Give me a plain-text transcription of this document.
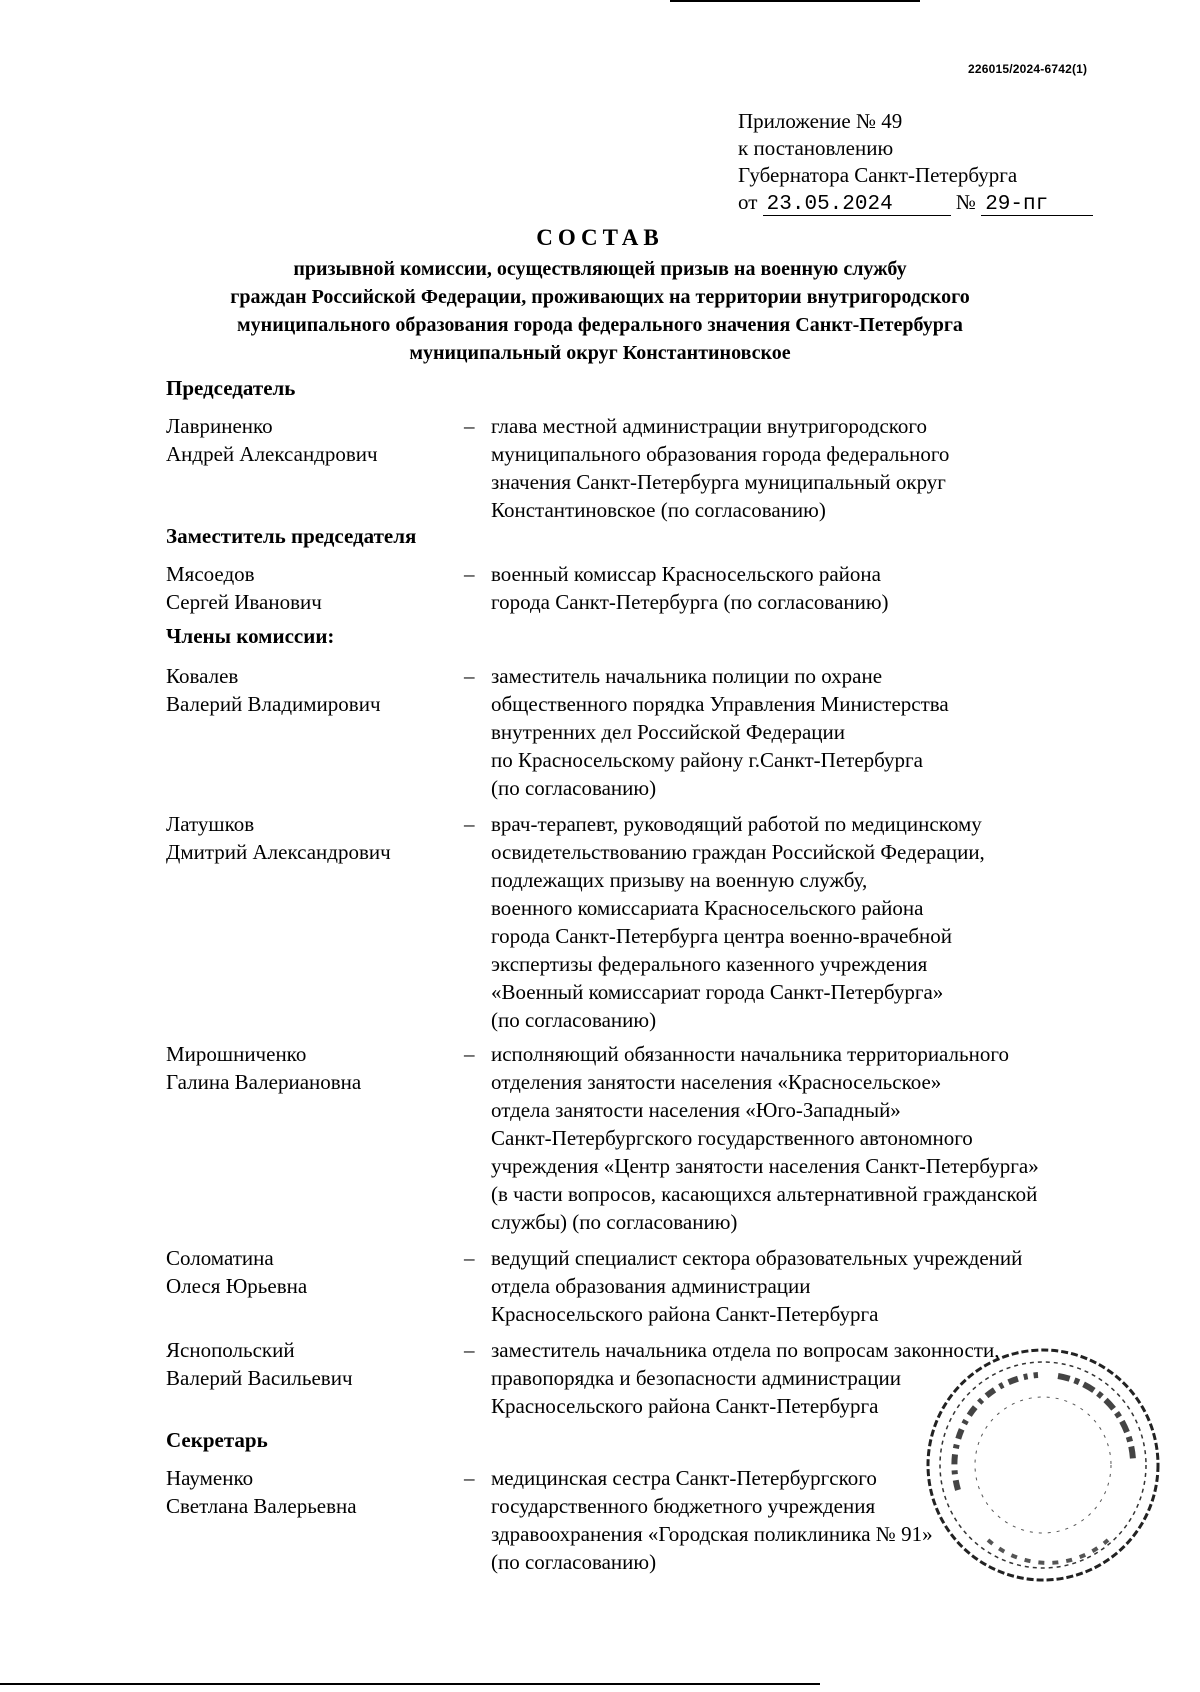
226015/2024-6742(1)
Приложение № 49
к постановлению
Губернатора Санкт-Петербурга
от 23.05.2024	№ 29-пг
СОСТАВ
призывной комиссии, осуществляющей призыв на военную службу
граждан Российской Федерации, проживающих на территории внутригородского
муниципального образования города федерального значения Санкт-Петербурга
муниципальный округ Константиновское
Председатель
Лавриненко
Андрей Александрович
– глава местной администрации внутригородского
муниципального образования города федерального
значения Санкт-Петербурга муниципальный округ
Константиновское (по согласованию)
Заместитель председателя
Мясоедов
Сергей Иванович
– военный комиссар Красносельского района
города Санкт-Петербурга (по согласованию)
Члены комиссии:
Ковалев
Валерий Владимирович
– заместитель начальника полиции по охране
общественного порядка Управления Министерства
внутренних дел Российской Федерации
по Красносельскому району г.Санкт-Петербурга
(по согласованию)
Латушков
Дмитрий Александрович
– врач-терапевт, руководящий работой по медицинскому
освидетельствованию граждан Российской Федерации,
подлежащих призыву на военную службу,
военного комиссариата Красносельского района
города Санкт-Петербурга центра военно-врачебной
экспертизы федерального казенного учреждения
«Военный комиссариат города Санкт-Петербурга»
(по согласованию)
Мирошниченко
Галина Валериановна
– исполняющий обязанности начальника территориального
отделения занятости населения «Красносельское»
отдела занятости населения «Юго-Западный»
Санкт-Петербургского государственного автономного
учреждения «Центр занятости населения Санкт-Петербурга»
(в части вопросов, касающихся альтернативной гражданской
службы) (по согласованию)
Соломатина
Олеся Юрьевна
– ведущий специалист сектора образовательных учреждений
отдела образования администрации
Красносельского района Санкт-Петербурга
Яснопольский
Валерий Васильевич
– заместитель начальника отдела по вопросам законности,
правопорядка и безопасности администрации
Красносельского района Санкт-Петербурга
Секретарь
Науменко
Светлана Валерьевна
– медицинская сестра Санкт-Петербургского
государственного бюджетного учреждения
здравоохранения «Городская поликлиника № 91»
(по согласованию)
